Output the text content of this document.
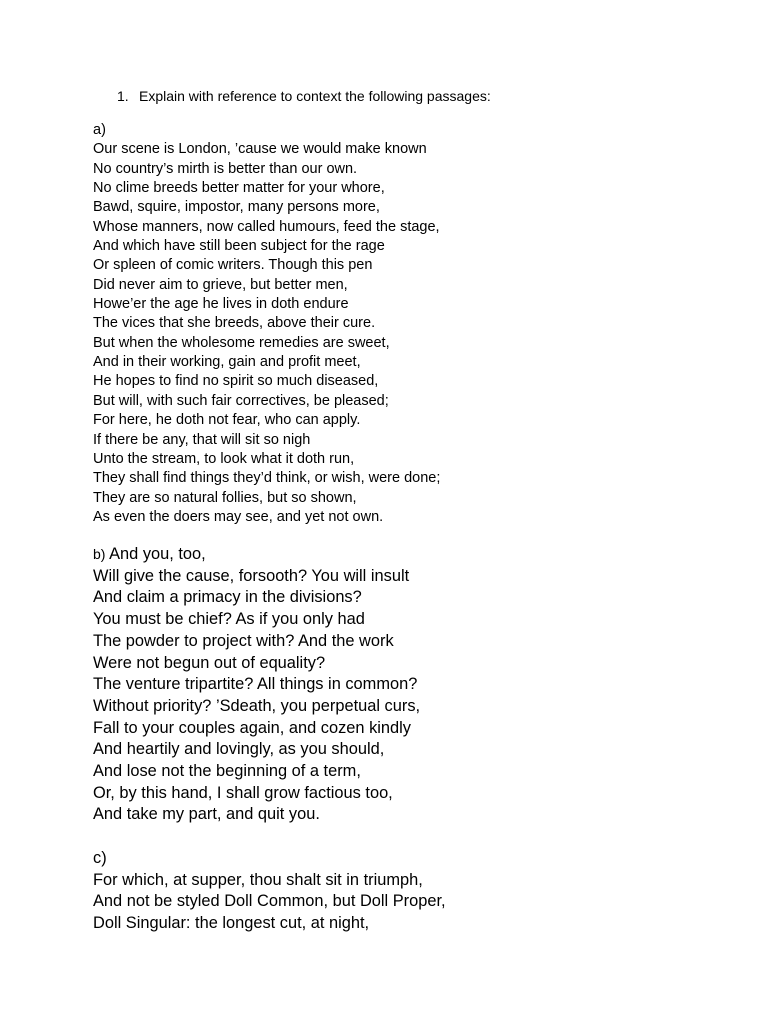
1. Explain with reference to context the following passages:
a)
Our scene is London, ’cause we would make known
No country’s mirth is better than our own.
No clime breeds better matter for your whore,
Bawd, squire, impostor, many persons more,
Whose manners, now called humours, feed the stage,
And which have still been subject for the rage
Or spleen of comic writers. Though this pen
Did never aim to grieve, but better men,
Howe’er the age he lives in doth endure
The vices that she breeds, above their cure.
But when the wholesome remedies are sweet,
And in their working, gain and profit meet,
He hopes to find no spirit so much diseased,
But will, with such fair correctives, be pleased;
For here, he doth not fear, who can apply.
If there be any, that will sit so nigh
Unto the stream, to look what it doth run,
They shall find things they’d think, or wish, were done;
They are so natural follies, but so shown,
As even the doers may see, and yet not own.
b) And you, too,
Will give the cause, forsooth? You will insult
And claim a primacy in the divisions?
You must be chief? As if you only had
The powder to project with? And the work
Were not begun out of equality?
The venture tripartite? All things in common?
Without priority? ’Sdeath, you perpetual curs,
Fall to your couples again, and cozen kindly
And heartily and lovingly, as you should,
And lose not the beginning of a term,
Or, by this hand, I shall grow factious too,
And take my part, and quit you.
c)
For which, at supper, thou shalt sit in triumph,
And not be styled Doll Common, but Doll Proper,
Doll Singular: the longest cut, at night,
